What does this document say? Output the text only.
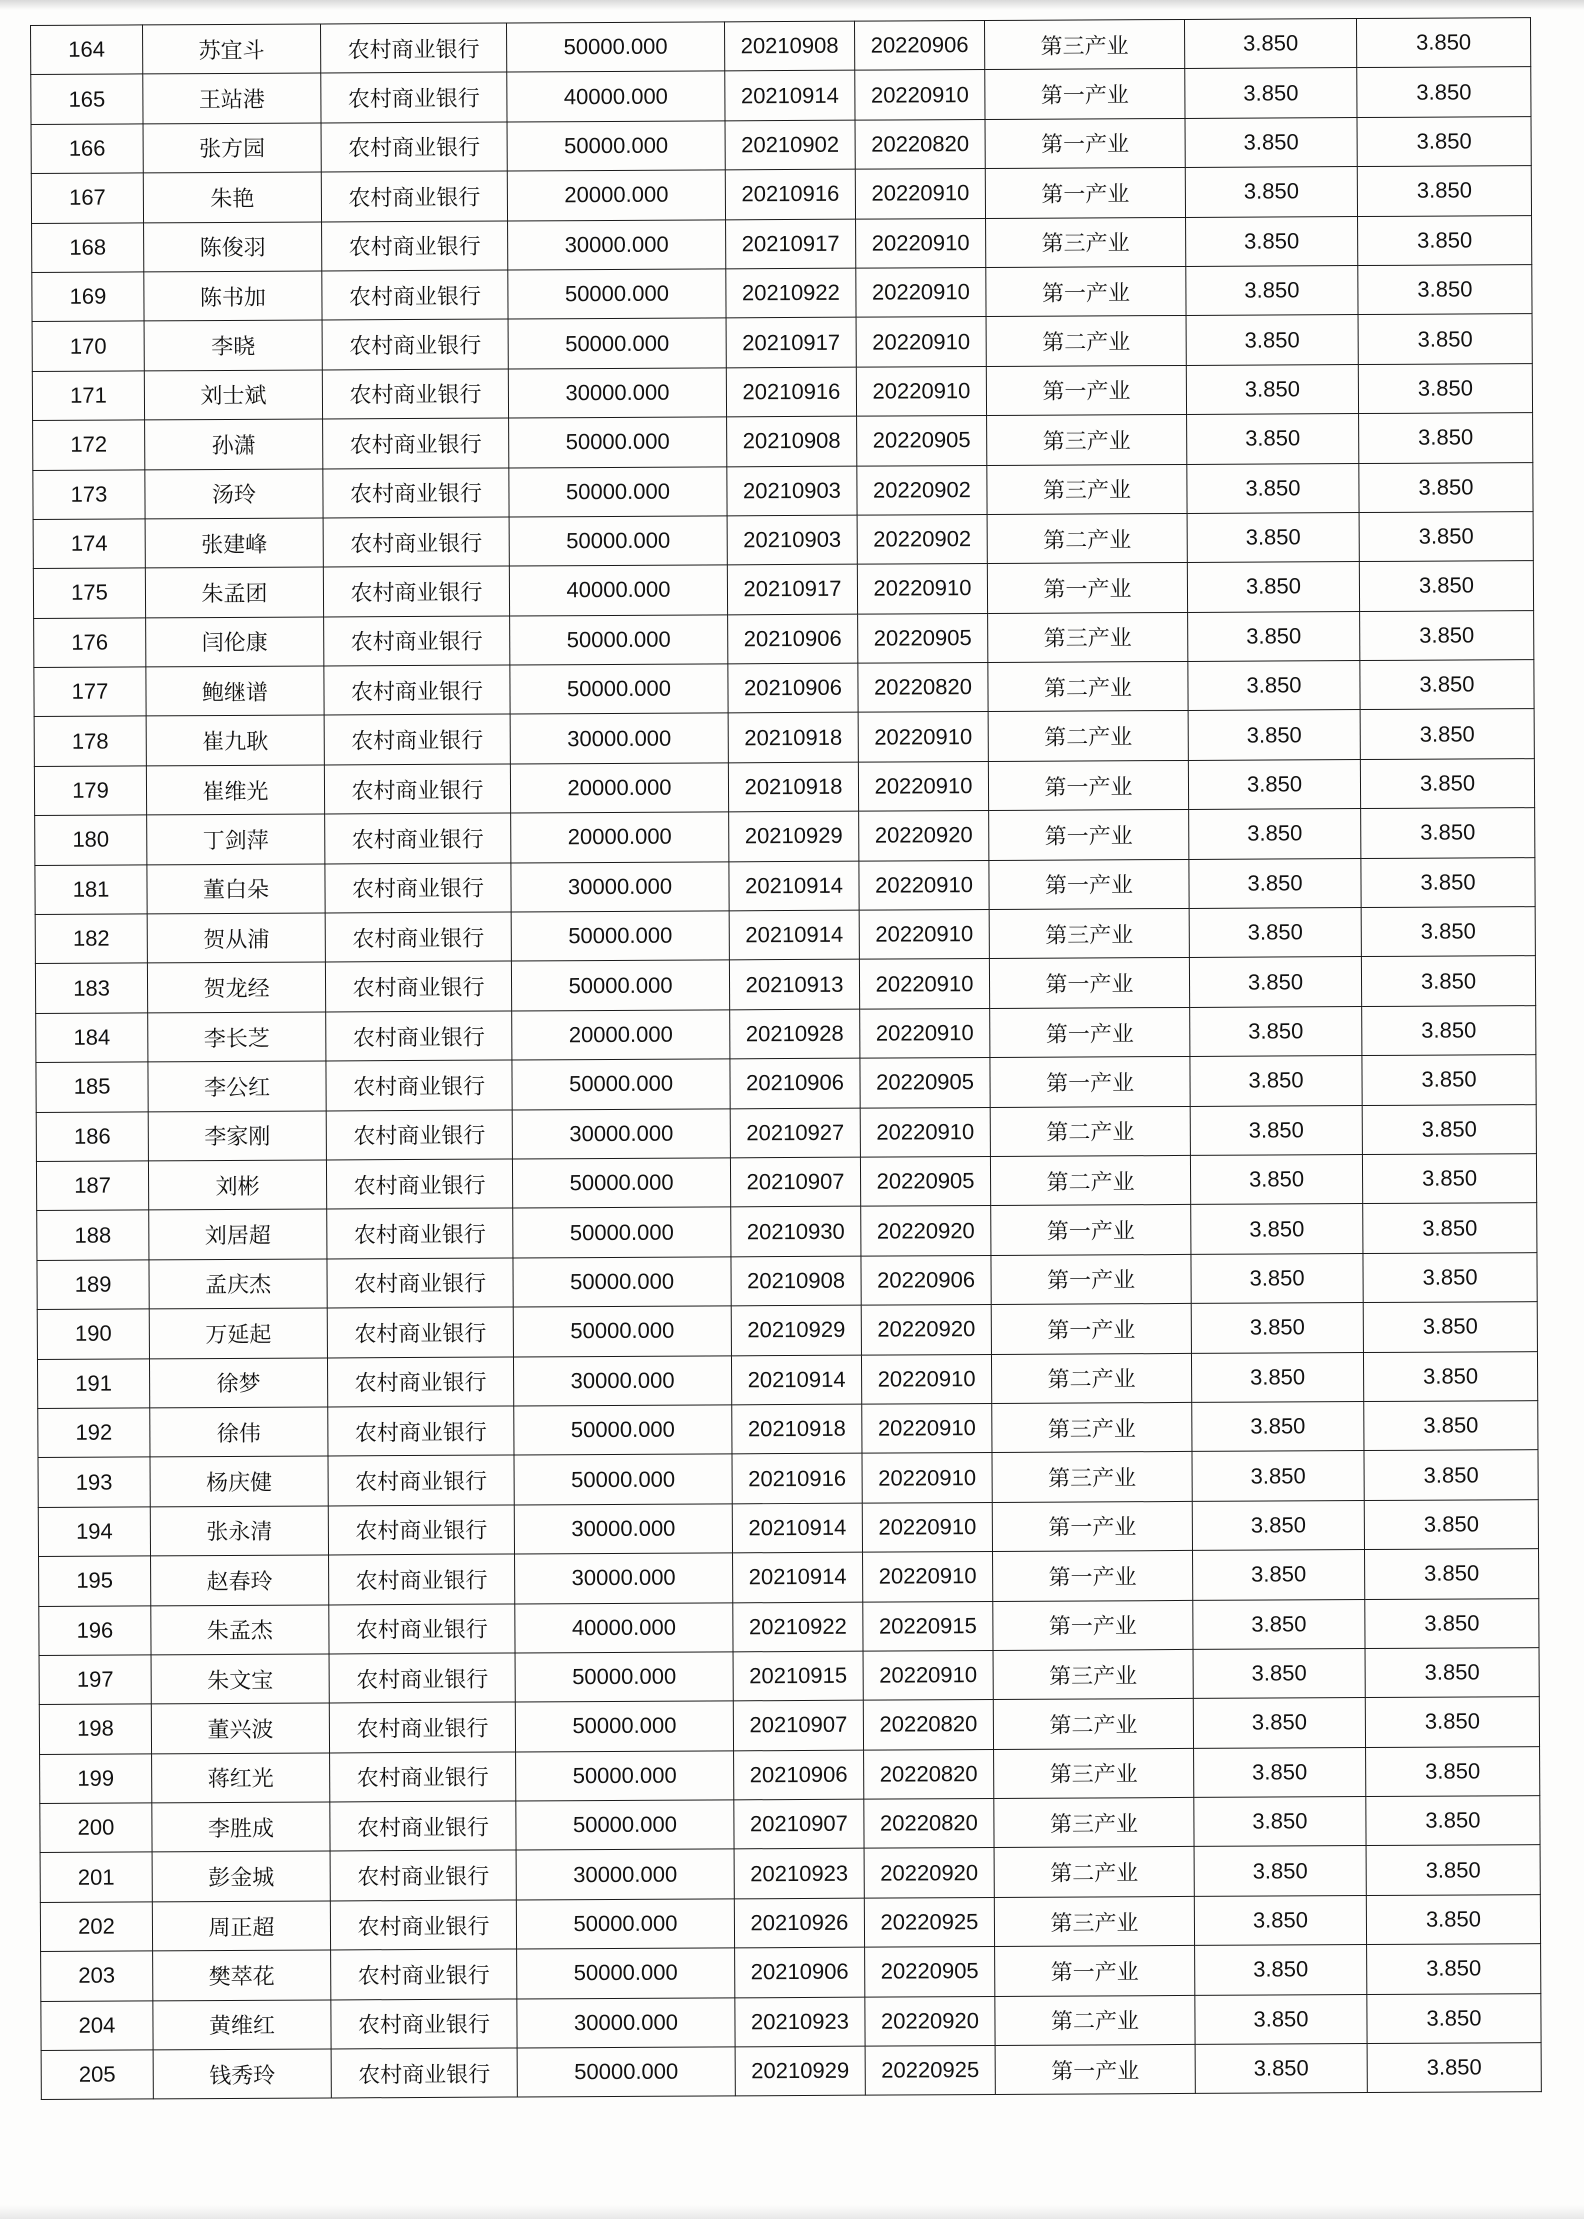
164	苏宜斗	农村商业银行	50000.000	20210908	20220906	第三产业	3.850	3.850
165	王站港	农村商业银行	40000.000	20210914	20220910	第一产业	3.850	3.850
166	张方园	农村商业银行	50000.000	20210902	20220820	第一产业	3.850	3.850
167	朱艳	农村商业银行	20000.000	20210916	20220910	第一产业	3.850	3.850
168	陈俊羽	农村商业银行	30000.000	20210917	20220910	第三产业	3.850	3.850
169	陈书加	农村商业银行	50000.000	20210922	20220910	第一产业	3.850	3.850
170	李晓	农村商业银行	50000.000	20210917	20220910	第二产业	3.850	3.850
171	刘士斌	农村商业银行	30000.000	20210916	20220910	第一产业	3.850	3.850
172	孙潇	农村商业银行	50000.000	20210908	20220905	第三产业	3.850	3.850
173	汤玲	农村商业银行	50000.000	20210903	20220902	第三产业	3.850	3.850
174	张建峰	农村商业银行	50000.000	20210903	20220902	第二产业	3.850	3.850
175	朱孟团	农村商业银行	40000.000	20210917	20220910	第一产业	3.850	3.850
176	闫伦康	农村商业银行	50000.000	20210906	20220905	第三产业	3.850	3.850
177	鲍继谱	农村商业银行	50000.000	20210906	20220820	第二产业	3.850	3.850
178	崔九耿	农村商业银行	30000.000	20210918	20220910	第二产业	3.850	3.850
179	崔维光	农村商业银行	20000.000	20210918	20220910	第一产业	3.850	3.850
180	丁剑萍	农村商业银行	20000.000	20210929	20220920	第一产业	3.850	3.850
181	董白朵	农村商业银行	30000.000	20210914	20220910	第一产业	3.850	3.850
182	贺从浦	农村商业银行	50000.000	20210914	20220910	第三产业	3.850	3.850
183	贺龙经	农村商业银行	50000.000	20210913	20220910	第一产业	3.850	3.850
184	李长芝	农村商业银行	20000.000	20210928	20220910	第一产业	3.850	3.850
185	李公红	农村商业银行	50000.000	20210906	20220905	第一产业	3.850	3.850
186	李家刚	农村商业银行	30000.000	20210927	20220910	第二产业	3.850	3.850
187	刘彬	农村商业银行	50000.000	20210907	20220905	第二产业	3.850	3.850
188	刘居超	农村商业银行	50000.000	20210930	20220920	第一产业	3.850	3.850
189	孟庆杰	农村商业银行	50000.000	20210908	20220906	第一产业	3.850	3.850
190	万延起	农村商业银行	50000.000	20210929	20220920	第一产业	3.850	3.850
191	徐梦	农村商业银行	30000.000	20210914	20220910	第二产业	3.850	3.850
192	徐伟	农村商业银行	50000.000	20210918	20220910	第三产业	3.850	3.850
193	杨庆健	农村商业银行	50000.000	20210916	20220910	第三产业	3.850	3.850
194	张永清	农村商业银行	30000.000	20210914	20220910	第一产业	3.850	3.850
195	赵春玲	农村商业银行	30000.000	20210914	20220910	第一产业	3.850	3.850
196	朱孟杰	农村商业银行	40000.000	20210922	20220915	第一产业	3.850	3.850
197	朱文宝	农村商业银行	50000.000	20210915	20220910	第三产业	3.850	3.850
198	董兴波	农村商业银行	50000.000	20210907	20220820	第二产业	3.850	3.850
199	蒋红光	农村商业银行	50000.000	20210906	20220820	第三产业	3.850	3.850
200	李胜成	农村商业银行	50000.000	20210907	20220820	第三产业	3.850	3.850
201	彭金城	农村商业银行	30000.000	20210923	20220920	第二产业	3.850	3.850
202	周正超	农村商业银行	50000.000	20210926	20220925	第三产业	3.850	3.850
203	樊萃花	农村商业银行	50000.000	20210906	20220905	第一产业	3.850	3.850
204	黄维红	农村商业银行	30000.000	20210923	20220920	第二产业	3.850	3.850
205	钱秀玲	农村商业银行	50000.000	20210929	20220925	第一产业	3.850	3.850
